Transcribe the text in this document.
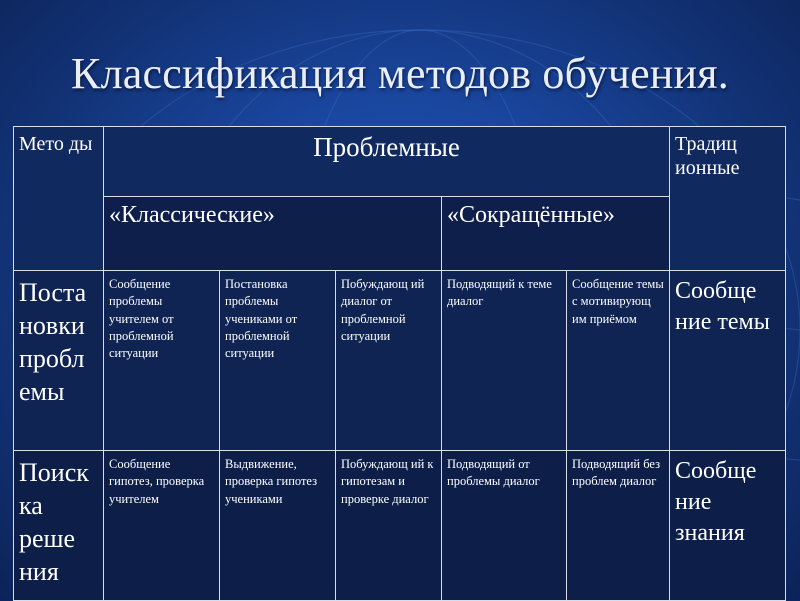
Классификация методов обучения.
Мето ды	Проблемные					Традиц ионные
	«Классические»			«Сокращённые»		
Поста новки пробл емы	Сообщение проблемы учителем от проблемной ситуации	Постановка проблемы учениками от проблемной ситуации	Побуждающ ий диалог от проблемной ситуации	Подводящий к теме диалог	Сообщение темы с мотивирующ им приёмом	Сообще ние темы
Поиск ка реше ния	Сообщение гипотез, проверка учителем	Выдвижение, проверка гипотез учениками	Побуждающ ий к гипотезам и проверке диалог	Подводящий от проблемы диалог	Подводящий без проблем диалог	Сообще ние знания
